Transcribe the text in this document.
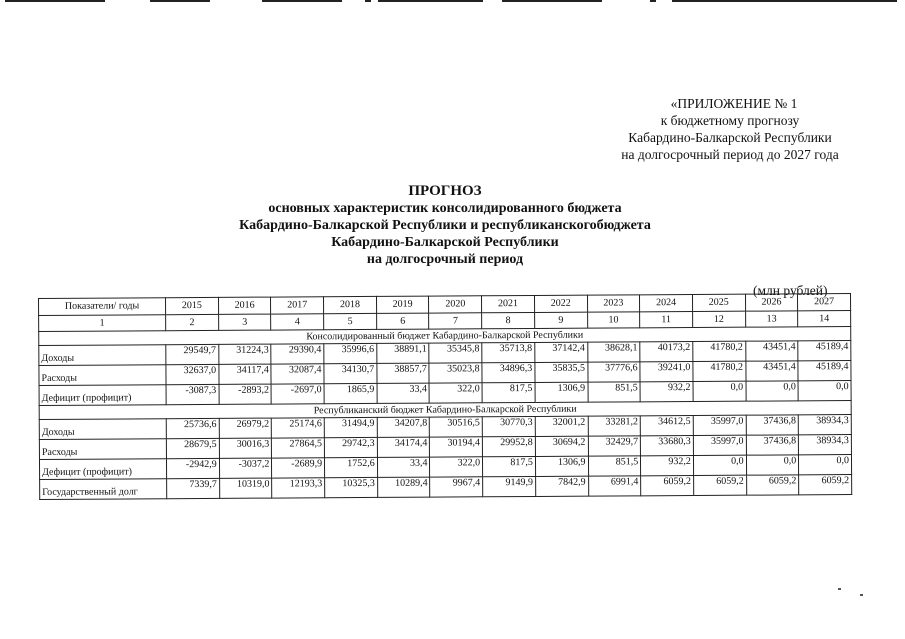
«ПРИЛОЖЕНИЕ № 1
к бюджетному прогнозу
Кабардино-Балкарской Республики
на долгосрочный период до 2027 года
ПРОГНОЗ
основных характеристик консолидированного бюджета
Кабардино-Балкарской Республики и республиканскогобюджета
Кабардино-Балкарской Республики
на долгосрочный период
(млн рублей)
Показатели/ годы	2015	2016	2017	2018	2019	2020	2021	2022	2023	2024	2025	2026	2027
1	2	3	4	5	6	7	8	9	10	11	12	13	14
Консолидированный бюджет Кабардино-Балкарской Республики													
Доходы	29549,7	31224,3	29390,4	35996,6	38891,1	35345,8	35713,8	37142,4	38628,1	40173,2	41780,2	43451,4	45189,4
Расходы	32637,0	34117,4	32087,4	34130,7	38857,7	35023,8	34896,3	35835,5	37776,6	39241,0	41780,2	43451,4	45189,4
Дефицит (профицит)	-3087,3	-2893,2	-2697,0	1865,9	33,4	322,0	817,5	1306,9	851,5	932,2	0,0	0,0	0,0
Республиканский бюджет Кабардино-Балкарской Республики													
Доходы	25736,6	26979,2	25174,6	31494,9	34207,8	30516,5	30770,3	32001,2	33281,2	34612,5	35997,0	37436,8	38934,3
Расходы	28679,5	30016,3	27864,5	29742,3	34174,4	30194,4	29952,8	30694,2	32429,7	33680,3	35997,0	37436,8	38934,3
Дефицит (профицит)	-2942,9	-3037,2	-2689,9	1752,6	33,4	322,0	817,5	1306,9	851,5	932,2	0,0	0,0	0,0
Государственный долг	7339,7	10319,0	12193,3	10325,3	10289,4	9967,4	9149,9	7842,9	6991,4	6059,2	6059,2	6059,2	6059,2
